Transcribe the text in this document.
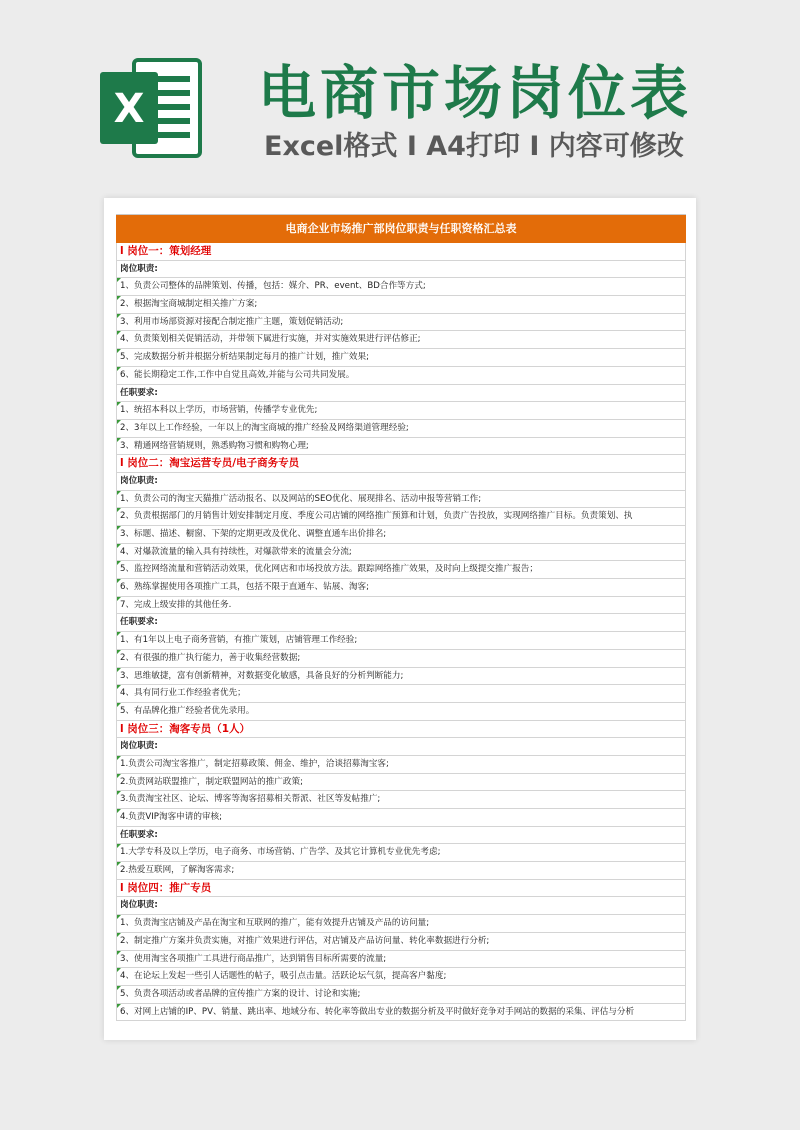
X 电商市场岗位表
Excel格式 I A4打印 I 内容可修改
电商企业市场推广部岗位职责与任职资格汇总表
l 岗位一：策划经理
岗位职责:
1、负责公司整体的品牌策划、传播，包括：媒介、PR、event、BD合作等方式;
2、根据淘宝商城制定相关推广方案;
3、利用市场部资源对接配合制定推广主题，策划促销活动;
4、负责策划相关促销活动，并带领下属进行实施，并对实施效果进行评估修正;
5、完成数据分析并根据分析结果制定每月的推广计划，推广效果;
6、能长期稳定工作,工作中自觉且高效,并能与公司共同发展。
任职要求:
1、统招本科以上学历，市场营销，传播学专业优先;
2、3年以上工作经验，一年以上的淘宝商城的推广经验及网络渠道管理经验;
3、精通网络营销规则，熟悉购物习惯和购物心理;
l 岗位二：淘宝运营专员/电子商务专员
岗位职责:
1、负责公司的淘宝天猫推广活动报名、以及网站的SEO优化、展现排名、活动申报等营销工作;
2、负责根据部门的月销售计划安排制定月度、季度公司店铺的网络推广预算和计划，负责广告投放，实现网络推广目标。负责策划、执
3、标题、描述、橱窗、下架的定期更改及优化、调整直通车出价排名;
4、对爆款流量的输入具有持续性，对爆款带来的流量会分流;
5、监控网络流量和营销活动效果，优化网店和市场投放方法。跟踪网络推广效果，及时向上级提交推广报告；
6、熟练掌握使用各项推广工具，包括不限于直通车、钻展、淘客;
7、完成上级安排的其他任务.
任职要求:
1、有1年以上电子商务营销，有推广策划，店铺管理工作经验;
2、有很强的推广执行能力，善于收集经营数据;
3、思维敏捷，富有创新精神，对数据变化敏感，具备良好的分析判断能力;
4、具有同行业工作经验者优先；
5、有品牌化推广经验者优先录用。
l 岗位三：淘客专员（1人）
岗位职责:
1.负责公司淘宝客推广，制定招募政策、佣金、维护，洽谈招募淘宝客;
2.负责网站联盟推广，制定联盟网站的推广政策;
3.负责淘宝社区、论坛、博客等淘客招募相关帮派、社区等发帖推广;
4.负责VIP淘客申请的审核;
任职要求:
1.大学专科及以上学历，电子商务、市场营销、广告学、及其它计算机专业优先考虑;
2.热爱互联网，了解淘客需求;
l 岗位四：推广专员
岗位职责:
1、负责淘宝店铺及产品在淘宝和互联网的推广，能有效提升店铺及产品的访问量;
2、制定推广方案并负责实施，对推广效果进行评估，对店铺及产品访问量、转化率数据进行分析;
3、使用淘宝各项推广工具进行商品推广，达到销售目标所需要的流量;
4、在论坛上发起一些引人话题性的帖子，吸引点击量。活跃论坛气氛，提高客户黏度;
5、负责各项活动或者品牌的宣传推广方案的设计、讨论和实施;
6、对网上店铺的IP、PV、销量、跳出率、地域分布、转化率等做出专业的数据分析及平时做好竞争对手网站的数据的采集、评估与分析
